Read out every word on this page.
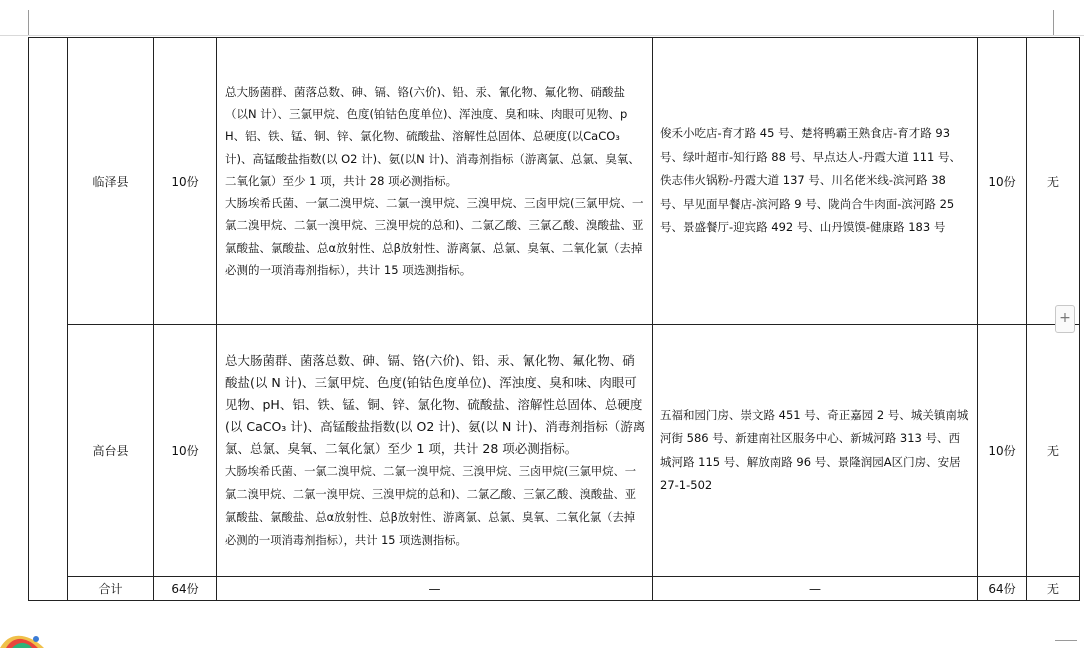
	临泽县	10份	总大肠菌群、菌落总数、砷、镉、铬(六价)、铅、汞、氰化物、氟化物、硝酸盐（以N 计）、三氯甲烷、色度(铂钴色度单位)、浑浊度、臭和味、肉眼可见物、pH、铝、铁、锰、铜、锌、氯化物、硫酸盐、溶解性总固体、总硬度(以CaCO₃ 计)、高锰酸盐指数(以 O2 计)、氨(以N 计)、消毒剂指标（游离氯、总氯、臭氧、二氧化氯）至少 1 项，共计 28 项必测指标。

大肠埃希氏菌、一氯二溴甲烷、二氯一溴甲烷、三溴甲烷、三卤甲烷(三氯甲烷、一氯二溴甲烷、二氯一溴甲烷、三溴甲烷的总和)、二氯乙酸、三氯乙酸、溴酸盐、亚氯酸盐、氯酸盐、总α放射性、总β放射性、游离氯、总氯、臭氧、二氧化氯（去掉必测的一项消毒剂指标），共计 15 项选测指标。	俊禾小吃店-育才路 45 号、楚将鸭霸王熟食店-育才路 93 号、绿叶超市-知行路 88 号、早点达人-丹霞大道 111 号、佚志伟火锅粉-丹霞大道 137 号、川名佬米线-滨河路 38 号、早见面早餐店-滨河路 9 号、陇尚合牛肉面-滨河路 25 号、景盛餐厅-迎宾路 492 号、山丹馍馍-健康路 183 号	10份	无
	高台县	10份	总大肠菌群、菌落总数、砷、镉、铬(六价)、铅、汞、氰化物、氟化物、硝酸盐(以 N 计)、三氯甲烷、色度(铂钴色度单位)、浑浊度、臭和味、肉眼可见物、pH、铝、铁、锰、铜、锌、氯化物、硫酸盐、溶解性总固体、总硬度(以 CaCO₃ 计)、高锰酸盐指数(以 O2 计)、氨(以 N 计)、消毒剂指标（游离氯、总氯、臭氧、二氧化氯）至少 1 项，共计 28 项必测指标。

大肠埃希氏菌、一氯二溴甲烷、二氯一溴甲烷、三溴甲烷、三卤甲烷(三氯甲烷、一氯二溴甲烷、二氯一溴甲烷、三溴甲烷的总和)、二氯乙酸、三氯乙酸、溴酸盐、亚氯酸盐、氯酸盐、总α放射性、总β放射性、游离氯、总氯、臭氧、二氧化氯（去掉必测的一项消毒剂指标），共计 15 项选测指标。	五福和园门房、崇文路 451 号、奇正嘉园 2 号、城关镇南城河街 586 号、新建南社区服务中心、新城河路 313 号、西城河路 115 号、解放南路 96 号、景隆润园A区门房、安居 27-1-502	10份	无
	合计	64份	—	—	64份	无
+
